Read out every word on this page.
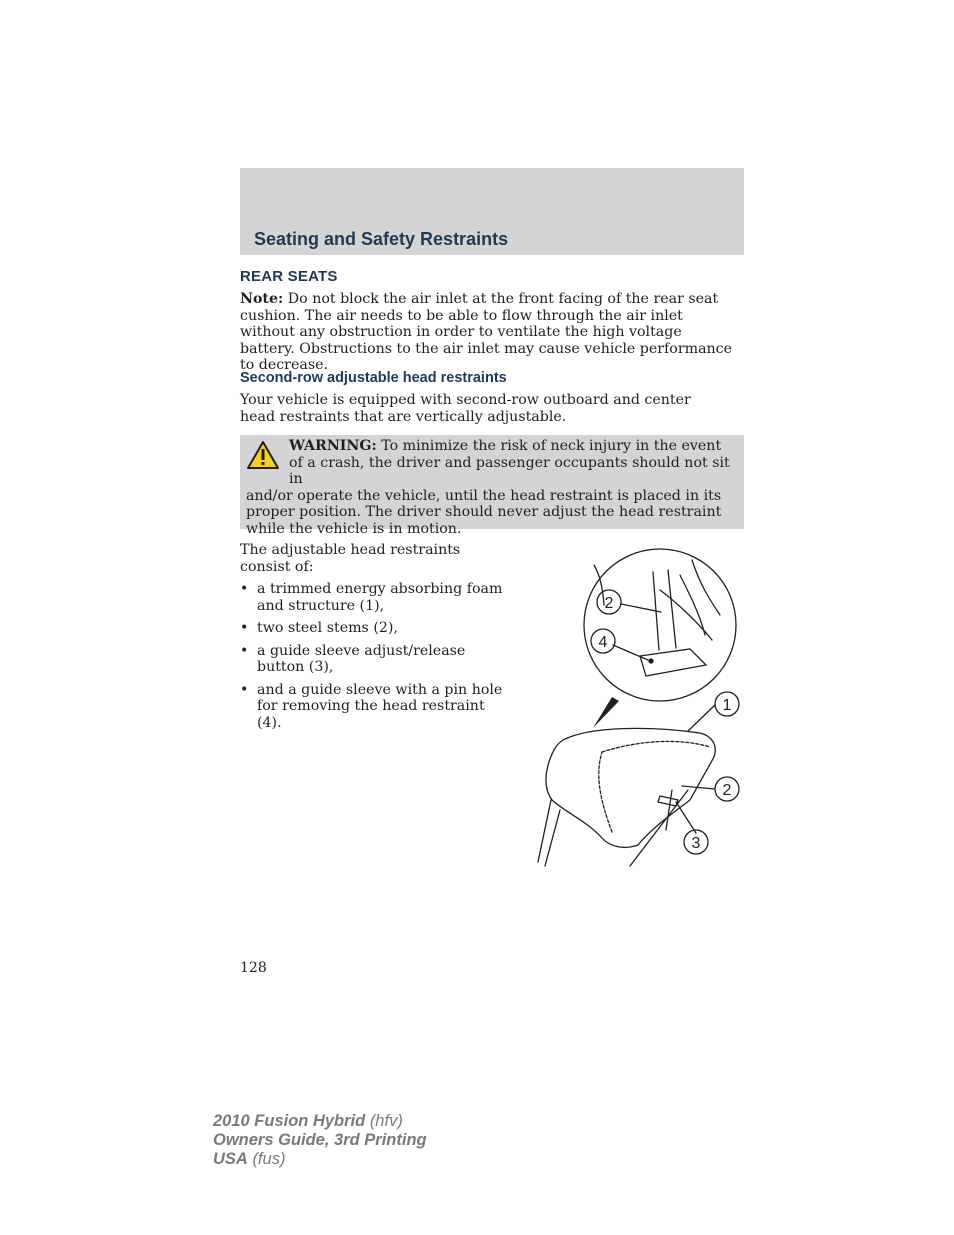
Seating and Safety Restraints
REAR SEATS
Note: Do not block the air inlet at the front facing of the rear seat cushion. The air needs to be able to flow through the air inlet without any obstruction in order to ventilate the high voltage battery. Obstructions to the air inlet may cause vehicle performance to decrease.
Second-row adjustable head restraints
Your vehicle is equipped with second-row outboard and center head restraints that are vertically adjustable.
WARNING: To minimize the risk of neck injury in the event of a crash, the driver and passenger occupants should not sit in
and/or operate the vehicle, until the head restraint is placed in its proper position. The driver should never adjust the head restraint while the vehicle is in motion.
The adjustable head restraints consist of:
• a trimmed energy absorbing foam and structure (1),
• two steel stems (2),
• a guide sleeve adjust/release button (3),
• and a guide sleeve with a pin hole for removing the head restraint (4).
2
4
1
2
3
128
2010 Fusion Hybrid (hfv)
Owners Guide, 3rd Printing
USA (fus)
